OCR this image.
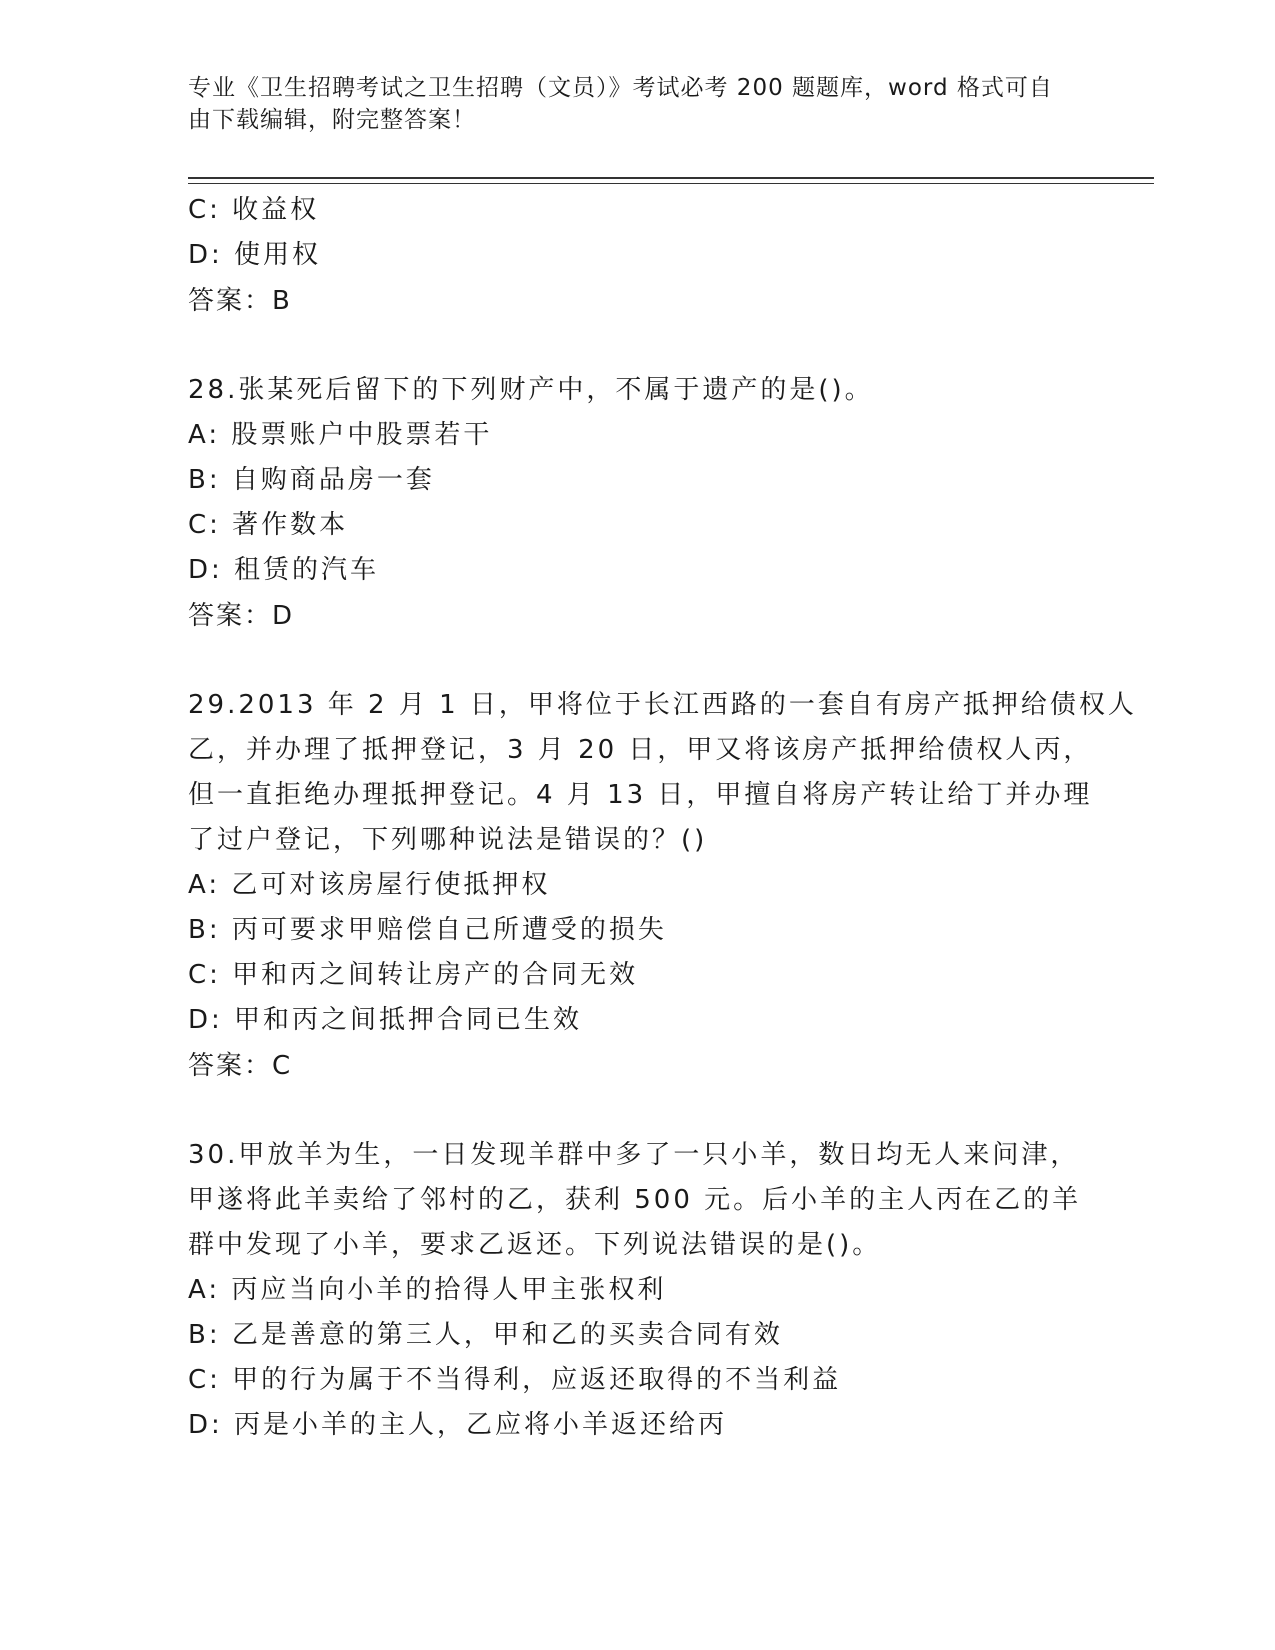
专业《卫生招聘考试之卫生招聘（文员）》考试必考 200 题题库，word 格式可自
由下载编辑，附完整答案！
C: 收益权
D: 使用权
答案：B
28.张某死后留下的下列财产中，不属于遗产的是()。
A: 股票账户中股票若干
B: 自购商品房一套
C: 著作数本
D: 租赁的汽车
答案：D
29.2013 年 2 月 1 日，甲将位于长江西路的一套自有房产抵押给债权人
乙，并办理了抵押登记，3 月 20 日，甲又将该房产抵押给债权人丙，
但一直拒绝办理抵押登记。4 月 13 日，甲擅自将房产转让给丁并办理
了过户登记，下列哪种说法是错误的？()
A: 乙可对该房屋行使抵押权
B: 丙可要求甲赔偿自己所遭受的损失
C: 甲和丙之间转让房产的合同无效
D: 甲和丙之间抵押合同已生效
答案：C
30.甲放羊为生，一日发现羊群中多了一只小羊，数日均无人来问津，
甲遂将此羊卖给了邻村的乙，获利 500 元。后小羊的主人丙在乙的羊
群中发现了小羊，要求乙返还。下列说法错误的是()。
A: 丙应当向小羊的拾得人甲主张权利
B: 乙是善意的第三人，甲和乙的买卖合同有效
C: 甲的行为属于不当得利，应返还取得的不当利益
D: 丙是小羊的主人，乙应将小羊返还给丙
